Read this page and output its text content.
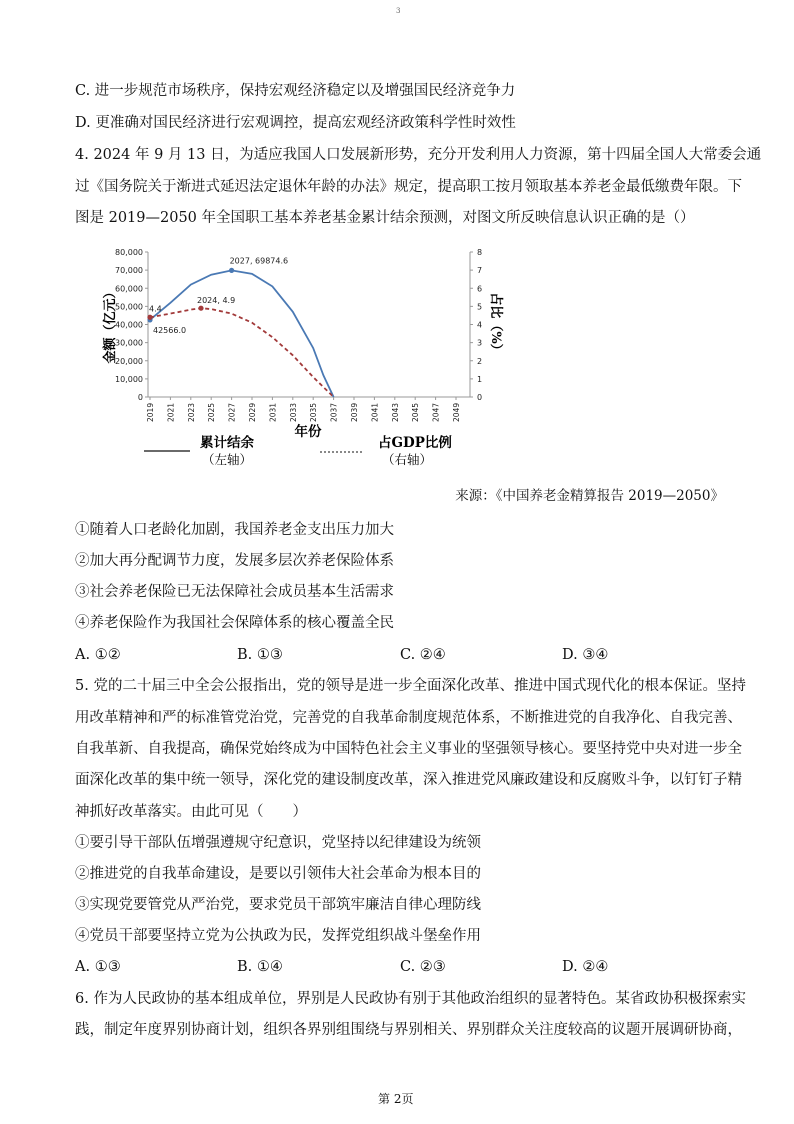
3
C. 进一步规范市场秩序，保持宏观经济稳定以及增强国民经济竞争力
D. 更准确对国民经济进行宏观调控，提高宏观经济政策科学性时效性
4. 2024 年 9 月 13 日，为适应我国人口发展新形势，充分开发利用人力资源，第十四届全国人大常委会通
过《国务院关于渐进式延迟法定退休年龄的办法》规定，提高职工按月领取基本养老金最低缴费年限。下
图是 2019—2050 年全国职工基本养老基金累计结余预测，对图文所反映信息认识正确的是（）
0
10,000
20,000
30,000
40,000
50,000
60,000
70,000
80,000
0
1
2
3
4
5
6
7
8
2019 2021 2023 2025 2027 2029 2031 2033 2035 2037 2039 2041 2043 2045 2047 2049
金额（亿元）	占比（%）
年份
2027, 69874.6
2024, 4.9
4.4
42566.0
累计结余
（左轴）
占GDP比例
（右轴）
来源：《中国养老金精算报告 2019—2050》
①随着人口老龄化加剧，我国养老金支出压力加大
②加大再分配调节力度，发展多层次养老保险体系
③社会养老保险已无法保障社会成员基本生活需求
④养老保险作为我国社会保障体系的核心覆盖全民
A. ①②	B. ①③	C. ②④	D. ③④
5. 党的二十届三中全会公报指出，党的领导是进一步全面深化改革、推进中国式现代化的根本保证。坚持
用改革精神和严的标准管党治党，完善党的自我革命制度规范体系，不断推进党的自我净化、自我完善、
自我革新、自我提高，确保党始终成为中国特色社会主义事业的坚强领导核心。要坚持党中央对进一步全
面深化改革的集中统一领导，深化党的建设制度改革，深入推进党风廉政建设和反腐败斗争，以钉钉子精
神抓好改革落实。由此可见（　　）
①要引导干部队伍增强遵规守纪意识，党坚持以纪律建设为统领
②推进党的自我革命建设，是要以引领伟大社会革命为根本目的
③实现党要管党从严治党，要求党员干部筑牢廉洁自律心理防线
④党员干部要坚持立党为公执政为民，发挥党组织战斗堡垒作用
A. ①③	B. ①④	C. ②③	D. ②④
6. 作为人民政协的基本组成单位，界别是人民政协有别于其他政治组织的显著特色。某省政协积极探索实
践，制定年度界别协商计划，组织各界别组围绕与界别相关、界别群众关注度较高的议题开展调研协商，
第 2页
